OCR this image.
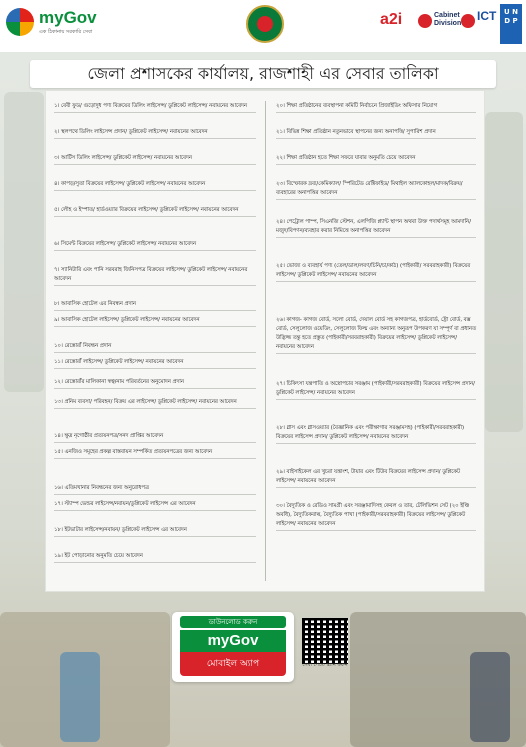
myGov
এক ঠিকানায় সরকারি সেবা
a2i	Cabinet Division
ICT	U N D P
জেলা প্রশাসকের কার্যালয়, রাজশাহী এর সেবার তালিকা
১। বেবী ফুড/ গুড়োদুধ পণ্য বিক্রয়ের ডিলিং লাইসেন্স/ ডুপ্লিকেট লাইসেন্স/ নবায়নের আবেদন
২। স্থলপথে ডিলিং লাইসেন্স প্রদান/ ডুপ্লিকেট লাইসেন্স/ নবায়নের আবেদন
৩। আর্টিস ডিলিং লাইসেন্স/ ডুপ্লিকেট লাইসেন্স/ নবায়নের আবেদন
৪। কাপড়/সুতা বিক্রয়ের লাইসেন্স/ ডুপ্লিকেট লাইসেন্স/ নবায়নের আবেদন
৫। লৌহ ও ইস্পাত/ হার্ডওয়্যার বিক্রয়ের লাইসেন্স/ ডুপ্লিকেট লাইসেন্স/ নবায়নের আবেদন
৬। সিমেন্ট বিক্রয়ের লাইসেন্স/ ডুপ্লিকেট লাইসেন্স/ নবায়নের আবেদন
৭। স্যানিটারি এবং পানি সরবরাহ জিনিসপত্র বিক্রয়ের লাইসেন্স/ ডুপ্লিকেট লাইসেন্স/ নবায়নের আবেদন
৮। আবাসিক হোটেল এর নিবন্ধন প্রদান
৯। আবাসিক হোটেল লাইসেন্স/ ডুপ্লিকেট লাইসেন্স/ নবায়নের আবেদন
১০। রেস্তোরাঁ নিবন্ধন প্রদান
১১। রেস্তোরাঁ লাইসেন্স/ ডুপ্লিকেট লাইসেন্স/ নবায়নের আবেদন
১২। রেস্তোরাঁর মালিকানা স্বত্ব/নাম পরিবর্তনের অনুমোদন প্রদান
১৩। প্রনিম ব্যবসা/ পরিবহন/ বিক্রয় এর লাইসেন্স/ ডুপ্লিকেট লাইসেন্স/ নবায়নের আবেদন
১৪। ক্ষুদ্র নৃগোষ্ঠীর প্রত্যয়নপত্র/সনদ প্রাপ্তির আবেদন
১৫। এনজিও সমূহের প্রকল্প বাস্তবায়ন সম্পর্কিত প্রত্যয়নপত্রের জন্য আবেদন
১৬। এতিমখানার নিবন্ধনের জন্য অনুরোধপত্র
১৭। স্ট্যাম্প ভেন্ডর লাইসেন্স/নবায়ন/ডুপ্লিকেট লাইসেন্স এর আবেদন
১৮। ইটভাটার লাইসেন্স/নবায়ন/ ডুপ্লিকেট লাইসেন্স এর আবেদন
১৯। ইট পোড়ানোর অনুমতি চেয়ে আবেদন
২০। শিক্ষা প্রতিষ্ঠানের ব্যবস্থাপনা কমিটি নির্বাচনে প্রিজাইডিং অফিসার নিয়োগ
২১। বিভিন্ন শিক্ষা প্রতিষ্ঠান নতুনভাবে স্থাপনের জন্য অনাপত্তি/ সুপারিশ প্রদান
২২। শিক্ষা প্রতিষ্ঠান হতে শিক্ষা সফরে যাবার অনুমতি চেয়ে আবেদন
২৩। বিস্ফোরক দ্রব্য/কেমিক্যাল/ স্পিরিটেড রেক্টিফাইড/ মিথাইল অ্যালকোহল/মাদক/বিক্রয়/ব্যবহারের অনাপত্তির আবেদন
২৪। পেট্রোল পাম্প, সিএনজি স্টেশন, এলপিজি প্ল্যান্ট স্থাপন অথবা উক্ত পদার্থসমূহ আমদানি/মজুদ/বিপণন/ব্যবহার করার নিমিত্তে অনাপত্তির আবেদন
২৫। ভোজ্য ও ব্যবহার্য পণ্য (তেল/ডাল/লবণ/চিনি/চা/কাঠ) (পাইকারী/ সরবরাহকারী) বিক্রয়ের লাইসেন্স/ ডুপ্লিকেট লাইসেন্স/ নবায়নের আবেদন
২৬। কাগজ- কাগজ বোর্ড, সলো বোর্ড, দেয়াল বোর্ড সহ কাগজপত্র, হার্ডবোর্ড, ষ্ট্রো বোর্ড, বক্স বোর্ড, সেলুলোজ ওয়েডিং, সেলুলোজ ফিল্ম এবং অন্যান্য অনুরূপ উপকরণ যা সম্পূর্ণ বা প্রধানত উদ্ভিজ্জ তন্তু হতে প্রস্তুত (পাইকারী/সরবরাহকারী) বিক্রয়ের লাইসেন্স/ ডুপ্লিকেট লাইসেন্স/ নবায়নের আবেদন
২৭। চিকিৎসা যন্ত্রপাতি ও অস্ত্রোপচার সরঞ্জাম (পাইকারী/সরবরাহকারী) বিক্রয়ের লাইসেন্স প্রদান/ ডুপ্লিকেট লাইসেন্স/ নবায়নের আবেদন
২৮। গ্লাস এবং গ্লাসওয়্যার (বৈজ্ঞানিক এবং পরীক্ষাগার সরঞ্জামসহ) (পাইকারী/সরবরাহকারী) বিক্রয়ের লাইসেন্স প্রদান/ ডুপ্লিকেট লাইসেন্স/ নবায়নের আবেদন
২৯। বাইসাইকেল এর খুচরা যন্ত্রাংশ, টায়ার এবং টিউব বিক্রয়ের লাইসেন্স প্রদান/ ডুপ্লিকেট লাইসেন্স/ নবায়নের আবেদন
৩০। বৈদ্যুতিক ও রেডিও সামগ্রী এবং সরঞ্জামাদিসহ কেবল ও তার, টেলিভিশন সেট (২০ ইঞ্চি অবধি), বৈদ্যুতিকবাল্ব, বৈদ্যুতিক পাখা (পাইকারী/সরবরাহকারী) বিক্রয়ের লাইসেন্স/ ডুপ্লিকেট লাইসেন্স/ নবায়নের আবেদন
ডাউনলোড করুন
myGov
মোবাইল অ্যাপ	সেবা পেতে স্ক্যান করুন
